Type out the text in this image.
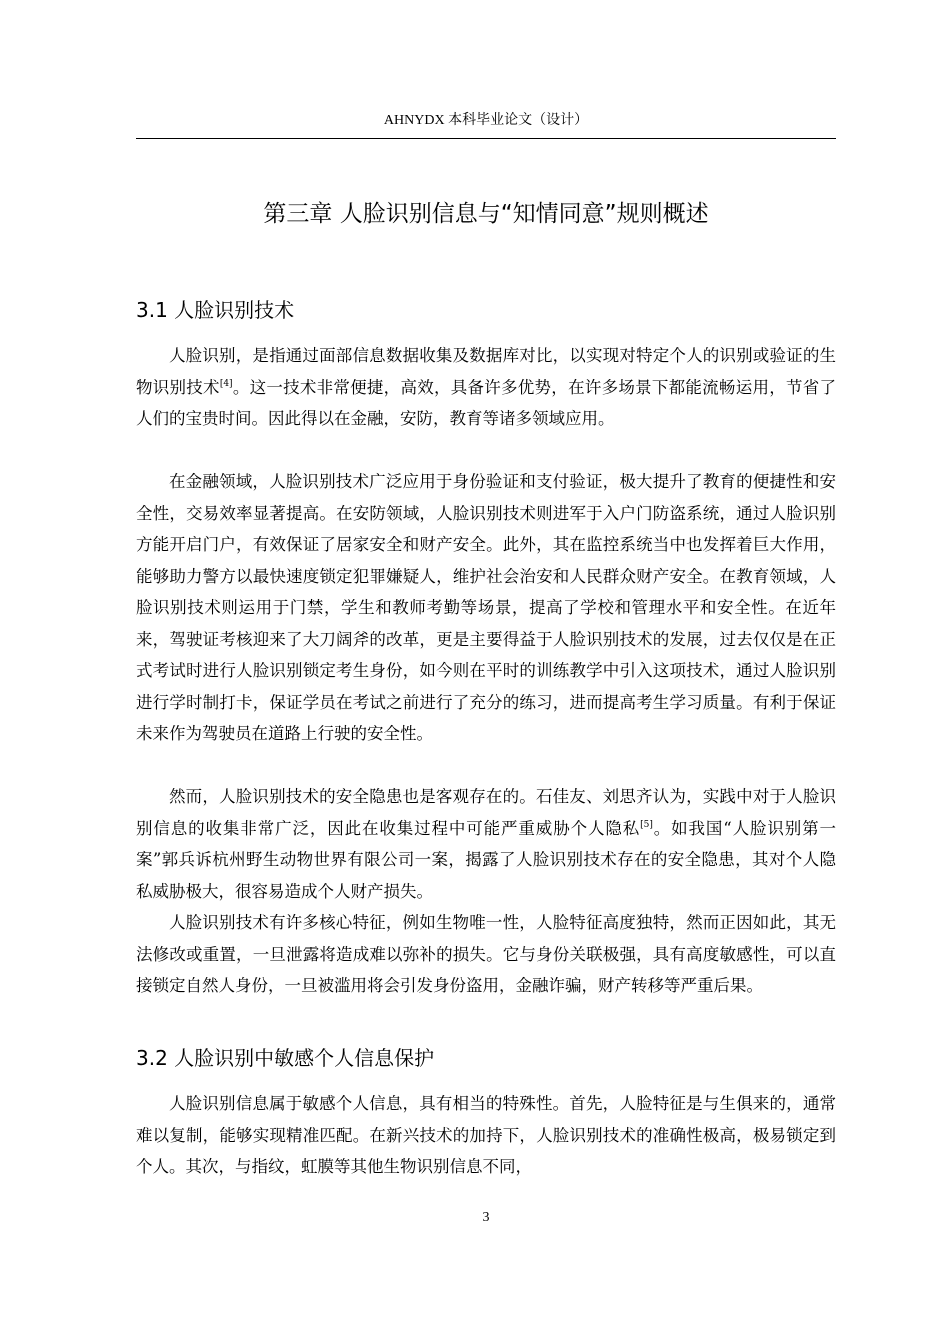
AHNYDX 本科毕业论文（设计）
第三章 人脸识别信息与“知情同意”规则概述
3.1 人脸识别技术

人脸识别，是指通过面部信息数据收集及数据库对比，以实现对特定个人的识别或验证的生物识别技术[4]。这一技术非常便捷，高效，具备许多优势，在许多场景下都能流畅运用，节省了人们的宝贵时间。因此得以在金融，安防，教育等诸多领域应用。

在金融领域，人脸识别技术广泛应用于身份验证和支付验证，极大提升了教育的便捷性和安全性，交易效率显著提高。在安防领域，人脸识别技术则进军于入户门防盗系统，通过人脸识别方能开启门户，有效保证了居家安全和财产安全。此外，其在监控系统当中也发挥着巨大作用，能够助力警方以最快速度锁定犯罪嫌疑人，维护社会治安和人民群众财产安全。在教育领域，人脸识别技术则运用于门禁，学生和教师考勤等场景，提高了学校和管理水平和安全性。在近年来，驾驶证考核迎来了大刀阔斧的改革，更是主要得益于人脸识别技术的发展，过去仅仅是在正式考试时进行人脸识别锁定考生身份，如今则在平时的训练教学中引入这项技术，通过人脸识别进行学时制打卡，保证学员在考试之前进行了充分的练习，进而提高考生学习质量。有利于保证未来作为驾驶员在道路上行驶的安全性。

然而，人脸识别技术的安全隐患也是客观存在的。石佳友、刘思齐认为，实践中对于人脸识别信息的收集非常广泛，因此在收集过程中可能严重威胁个人隐私[5]。如我国“人脸识别第一案”郭兵诉杭州野生动物世界有限公司一案，揭露了人脸识别技术存在的安全隐患，其对个人隐私威胁极大，很容易造成个人财产损失。

人脸识别技术有许多核心特征，例如生物唯一性，人脸特征高度独特，然而正因如此，其无法修改或重置，一旦泄露将造成难以弥补的损失。它与身份关联极强，具有高度敏感性，可以直接锁定自然人身份，一旦被滥用将会引发身份盗用，金融诈骗，财产转移等严重后果。

3.2 人脸识别中敏感个人信息保护

人脸识别信息属于敏感个人信息，具有相当的特殊性。首先，人脸特征是与生俱来的，通常难以复制，能够实现精准匹配。在新兴技术的加持下，人脸识别技术的准确性极高，极易锁定到个人。其次，与指纹，虹膜等其他生物识别信息不同，

3
